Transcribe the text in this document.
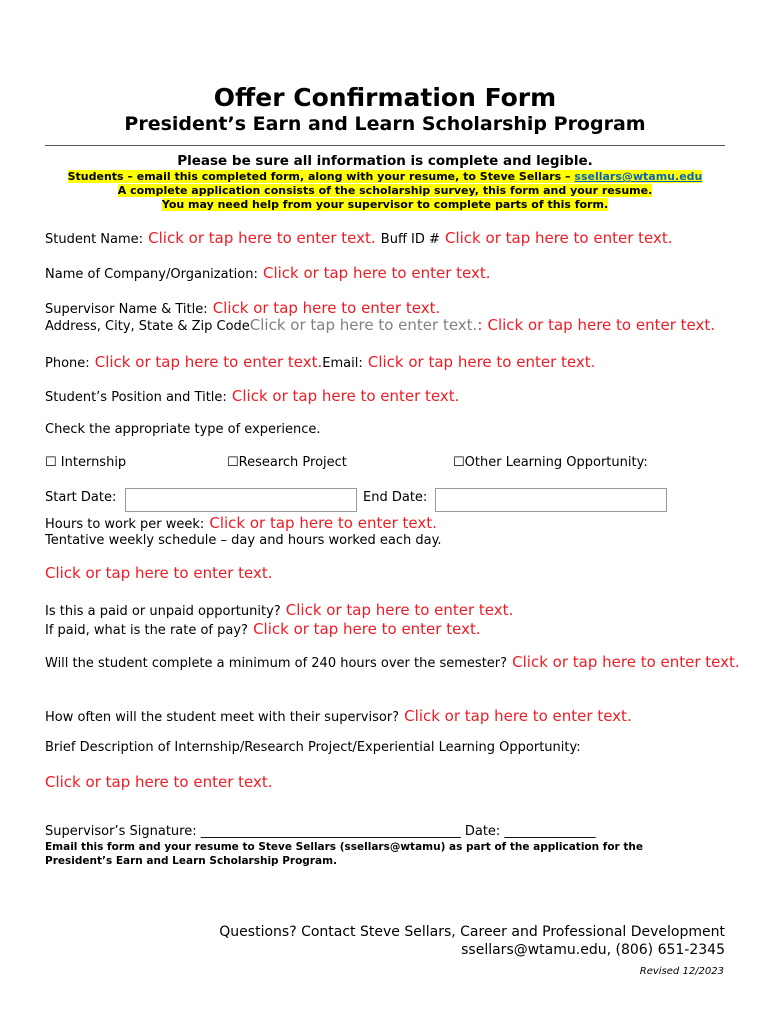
Offer Confirmation Form
President’s Earn and Learn Scholarship Program
Please be sure all information is complete and legible.
Students – email this completed form, along with your resume, to Steve Sellars – ssellars@wtamu.edu
A complete application consists of the scholarship survey, this form and your resume.
You may need help from your supervisor to complete parts of this form.
Student Name: Click or tap here to enter text. Buff ID # Click or tap here to enter text.
Name of Company/Organization: Click or tap here to enter text.
Supervisor Name & Title: Click or tap here to enter text.
Address, City, State & Zip CodeClick or tap here to enter text.: Click or tap here to enter text.
Phone: Click or tap here to enter text.Email: Click or tap here to enter text.
Student’s Position and Title: Click or tap here to enter text.
Check the appropriate type of experience.
☐ Internship	☐Research Project	☐Other Learning Opportunity:
Start Date:	End Date:
Hours to work per week: Click or tap here to enter text.
Tentative weekly schedule – day and hours worked each day.
Click or tap here to enter text.
Is this a paid or unpaid opportunity? Click or tap here to enter text.
If paid, what is the rate of pay? Click or tap here to enter text.
Will the student complete a minimum of 240 hours over the semester? Click or tap here to enter text.
How often will the student meet with their supervisor? Click or tap here to enter text.
Brief Description of Internship/Research Project/Experiential Learning Opportunity:
Click or tap here to enter text.
Supervisor’s Signature: ________________________________________ Date: ______________
Email this form and your resume to Steve Sellars (ssellars@wtamu) as part of the application for the
President’s Earn and Learn Scholarship Program.
Questions? Contact Steve Sellars, Career and Professional Development
ssellars@wtamu.edu, (806) 651-2345
Revised 12/2023
